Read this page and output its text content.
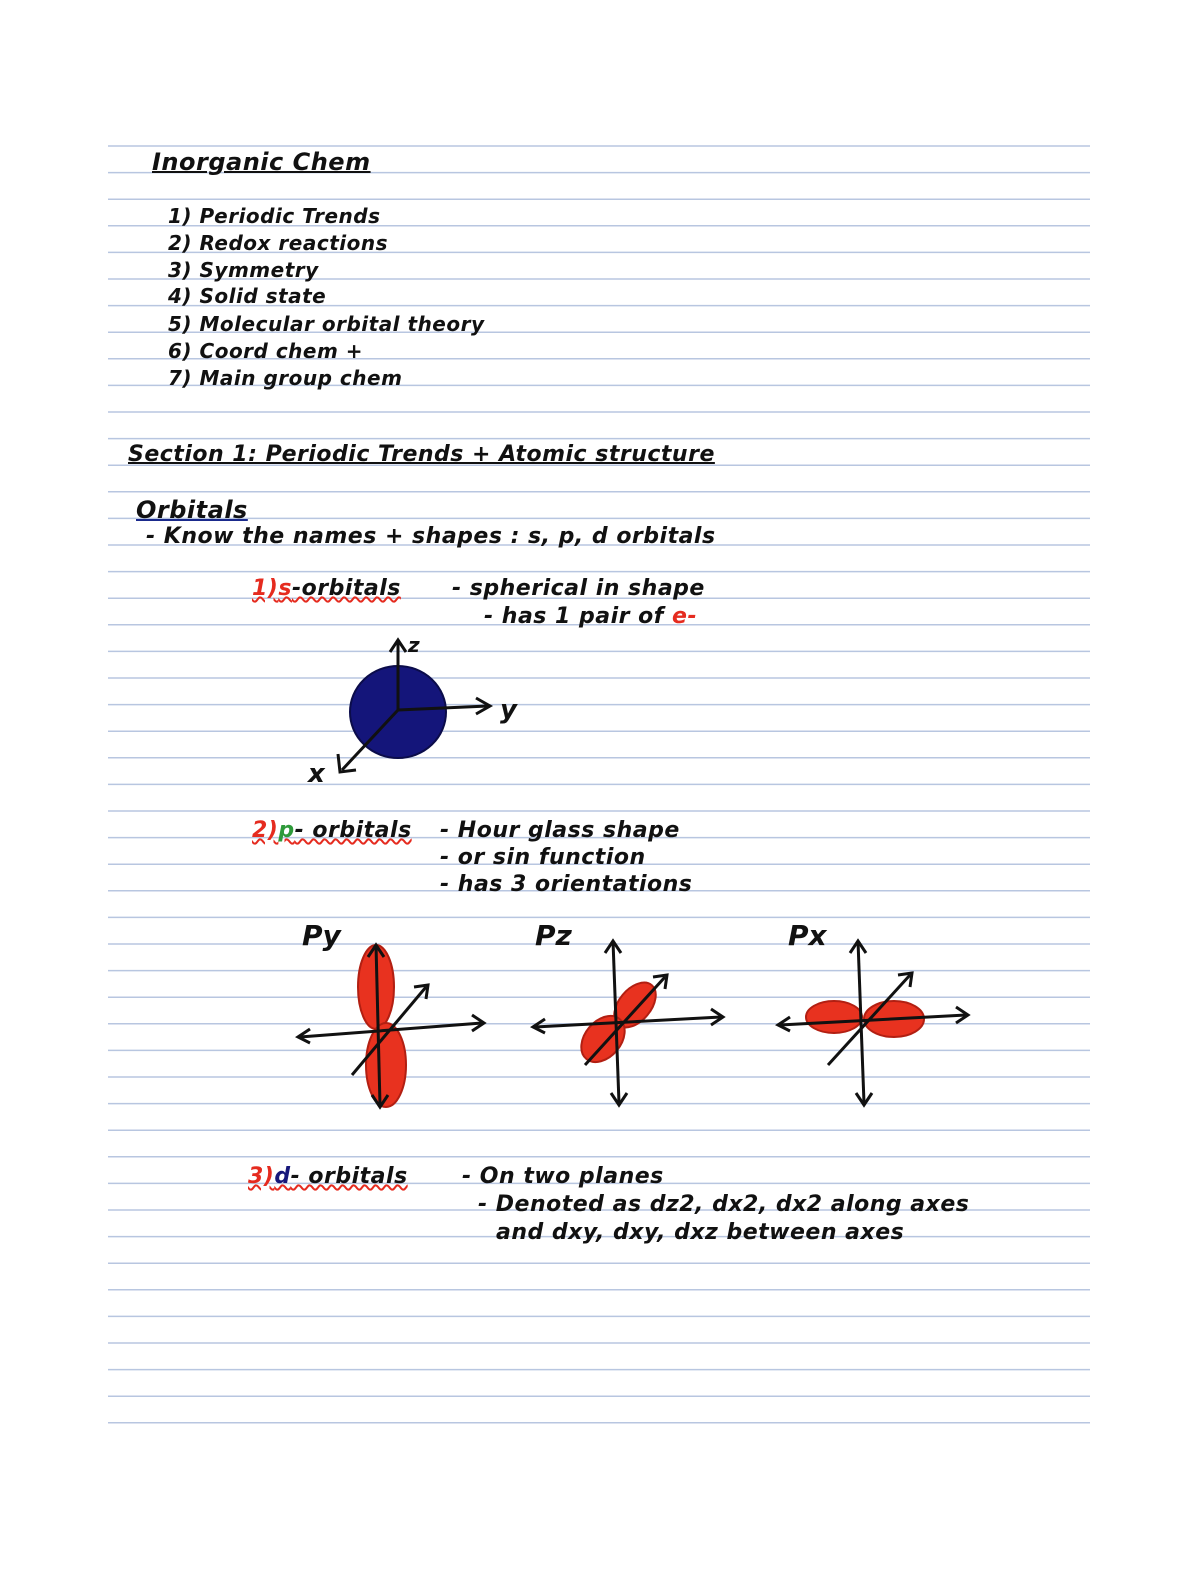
Inorganic Chem
1) Periodic Trends
2) Redox reactions
3) Symmetry
4) Solid state
5) Molecular orbital theory
6) Coord chem +
7) Main group chem
Section 1: Periodic Trends + Atomic structure
Orbitals
- Know the names + shapes : s, p, d orbitals
1)s-orbitals - spherical in shape
- has 1 pair of e-
z
y
x
2)p- orbitals - Hour glass shape
- or sin function
- has 3 orientations
Py	Pz	Px
3)d- orbitals - On two planes
- Denoted as dz2, dx2, dx2 along axes
and dxy, dxy, dxz between axes
